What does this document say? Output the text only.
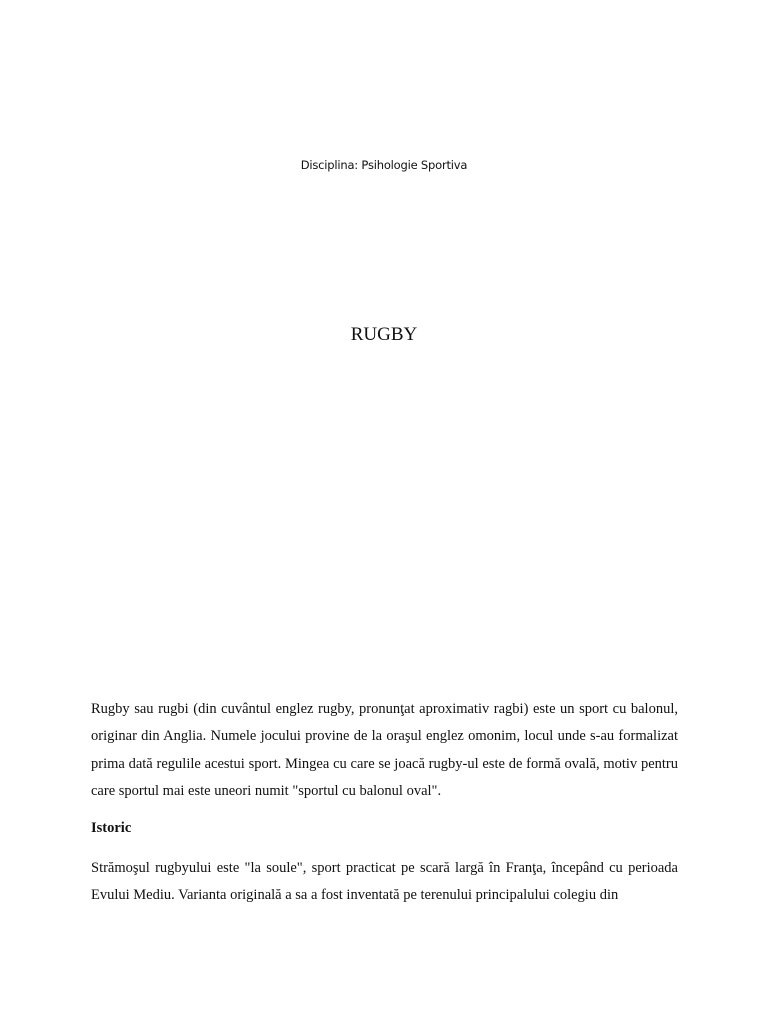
Disciplina: Psihologie Sportiva
RUGBY

Rugby sau rugbi (din cuvântul englez rugby, pronunţat aproximativ ragbi) este un sport cu balonul, originar din Anglia. Numele jocului provine de la oraşul englez omonim, locul unde s-au formalizat prima dată regulile acestui sport. Mingea cu care se joacă rugby-ul este de formă ovală, motiv pentru care sportul mai este uneori numit "sportul cu balonul oval".

Istoric

Strămoşul rugbyului este "la soule", sport practicat pe scară largă în Franţa, începând cu perioada Evului Mediu. Varianta originală a sa a fost inventată pe terenului principalului colegiu din
